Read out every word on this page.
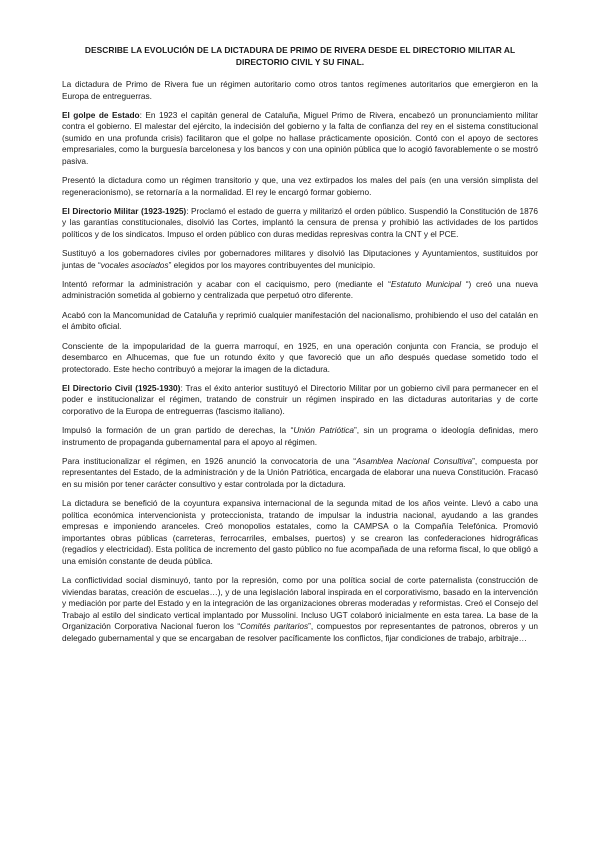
DESCRIBE LA EVOLUCIÓN DE LA DICTADURA DE PRIMO DE RIVERA DESDE EL DIRECTORIO MILITAR AL DIRECTORIO CIVIL Y SU FINAL.

La dictadura de Primo de Rivera fue un régimen autoritario como otros tantos regímenes autoritarios que emergieron en la Europa de entreguerras.

El golpe de Estado: En 1923 el capitán general de Cataluña, Miguel Primo de Rivera, encabezó un pronunciamiento militar contra el gobierno. El malestar del ejército, la indecisión del gobierno y la falta de confianza del rey en el sistema constitucional (sumido en una profunda crisis) facilitaron que el golpe no hallase prácticamente oposición. Contó con el apoyo de sectores empresariales, como la burguesía barcelonesa y los bancos y con una opinión pública que lo acogió favorablemente o se mostró pasiva.

Presentó la dictadura como un régimen transitorio y que, una vez extirpados los males del país (en una versión simplista del regeneracionismo), se retornaría a la normalidad. El rey le encargó formar gobierno.

El Directorio Militar (1923-1925): Proclamó el estado de guerra y militarizó el orden público. Suspendió la Constitución de 1876 y las garantías constitucionales, disolvió las Cortes, implantó la censura de prensa y prohibió las actividades de los partidos políticos y de los sindicatos. Impuso el orden público con duras medidas represivas contra la CNT y el PCE.

Sustituyó a los gobernadores civiles por gobernadores militares y disolvió las Diputaciones y Ayuntamientos, sustituidos por juntas de “vocales asociados” elegidos por los mayores contribuyentes del municipio.

Intentó reformar la administración y acabar con el caciquismo, pero (mediante el “Estatuto Municipal “) creó una nueva administración sometida al gobierno y centralizada que perpetuó otro diferente.

Acabó con la Mancomunidad de Cataluña y reprimió cualquier manifestación del nacionalismo, prohibiendo el uso del catalán en el ámbito oficial.

Consciente de la impopularidad de la guerra marroquí, en 1925, en una operación conjunta con Francia, se produjo el desembarco en Alhucemas, que fue un rotundo éxito y que favoreció que un año después quedase sometido todo el protectorado. Este hecho contribuyó a mejorar la imagen de la dictadura.

El Directorio Civil (1925-1930): Tras el éxito anterior sustituyó el Directorio Militar por un gobierno civil para permanecer en el poder e institucionalizar el régimen, tratando de construir un régimen inspirado en las dictaduras autoritarias y de corte corporativo de la Europa de entreguerras (fascismo italiano).

Impulsó la formación de un gran partido de derechas, la “Unión Patriótica”, sin un programa o ideología definidas, mero instrumento de propaganda gubernamental para el apoyo al régimen.

Para institucionalizar el régimen, en 1926 anunció la convocatoria de una “Asamblea Nacional Consultiva”, compuesta por representantes del Estado, de la administración y de la Unión Patriótica, encargada de elaborar una nueva Constitución. Fracasó en su misión por tener carácter consultivo y estar controlada por la dictadura.

La dictadura se benefició de la coyuntura expansiva internacional de la segunda mitad de los años veinte. Llevó a cabo una política económica intervencionista y proteccionista, tratando de impulsar la industria nacional, ayudando a las grandes empresas e imponiendo aranceles. Creó monopolios estatales, como la CAMPSA o la Compañía Telefónica. Promovió importantes obras públicas (carreteras, ferrocarriles, embalses, puertos) y se crearon las confederaciones hidrográficas (regadíos y electricidad). Esta política de incremento del gasto público no fue acompañada de una reforma fiscal, lo que obligó a una emisión constante de deuda pública.

La conflictividad social disminuyó, tanto por la represión, como por una política social de corte paternalista (construcción de viviendas baratas, creación de escuelas…), y de una legislación laboral inspirada en el corporativismo, basado en la intervención y mediación por parte del Estado y en la integración de las organizaciones obreras moderadas y reformistas. Creó el Consejo del Trabajo al estilo del sindicato vertical implantado por Mussolini. Incluso UGT colaboró inicialmente en esta tarea. La base de la Organización Corporativa Nacional fueron los “Comités paritarios”, compuestos por representantes de patronos, obreros y un delegado gubernamental y que se encargaban de resolver pacíficamente los conflictos, fijar condiciones de trabajo, arbitraje…
